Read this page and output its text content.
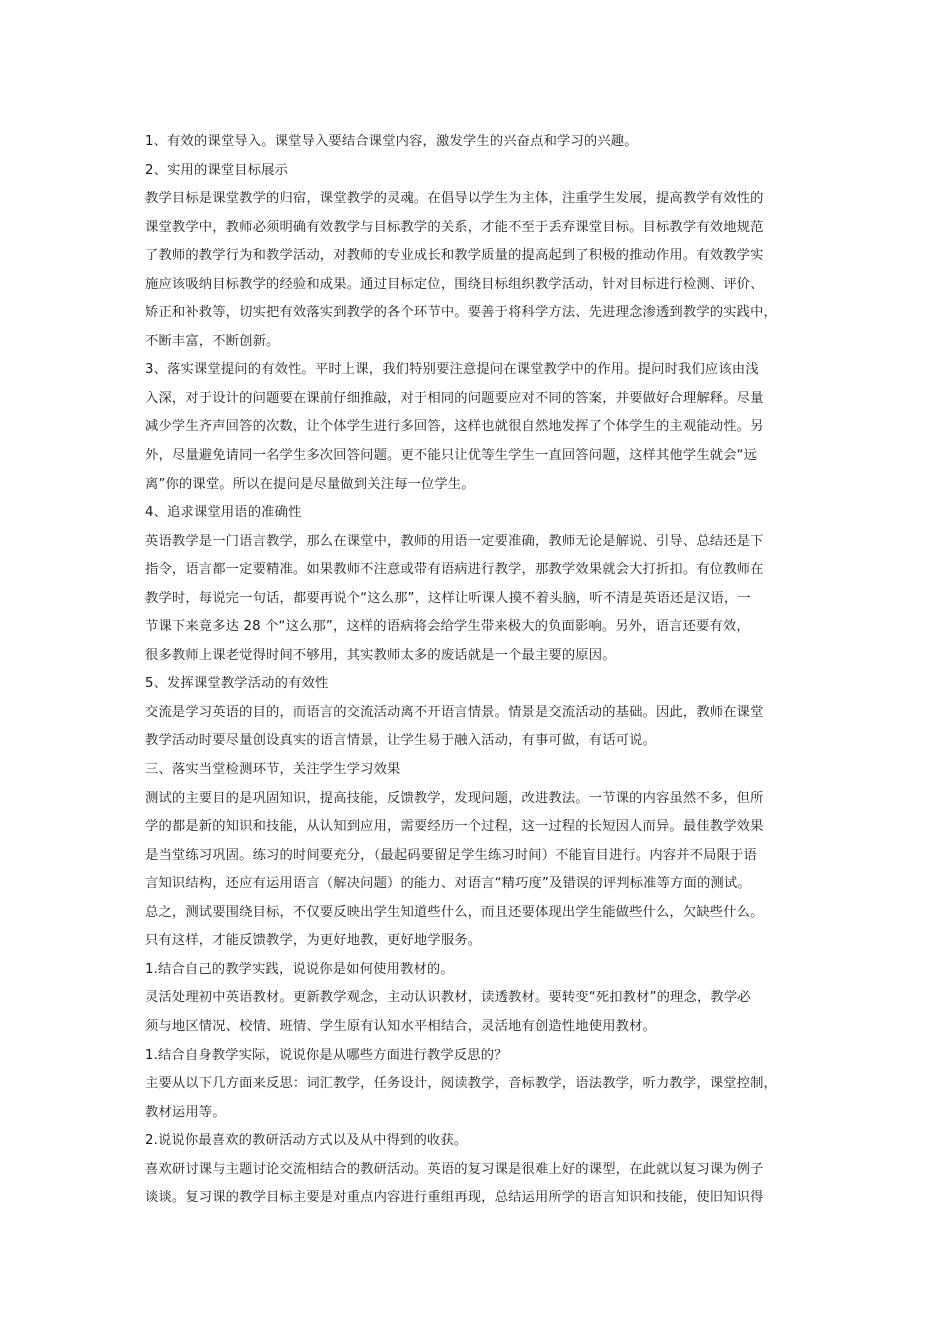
1、有效的课堂导入。课堂导入要结合课堂内容，激发学生的兴奋点和学习的兴趣。
2、实用的课堂目标展示
教学目标是课堂教学的归宿，课堂教学的灵魂。在倡导以学生为主体，注重学生发展，提高教学有效性的
课堂教学中，教师必须明确有效教学与目标教学的关系，才能不至于丢弃课堂目标。目标教学有效地规范
了教师的教学行为和教学活动，对教师的专业成长和教学质量的提高起到了积极的推动作用。有效教学实
施应该吸纳目标教学的经验和成果。通过目标定位，围绕目标组织教学活动，针对目标进行检测、评价、
矫正和补救等，切实把有效落实到教学的各个环节中。要善于将科学方法、先进理念渗透到教学的实践中，
不断丰富，不断创新。
3、落实课堂提问的有效性。平时上课，我们特别要注意提问在课堂教学中的作用。提问时我们应该由浅
入深，对于设计的问题要在课前仔细推敲，对于相同的问题要应对不同的答案，并要做好合理解释。尽量
减少学生齐声回答的次数，让个体学生进行多回答，这样也就很自然地发挥了个体学生的主观能动性。另
外，尽量避免请同一名学生多次回答问题。更不能只让优等生学生一直回答问题，这样其他学生就会“远
离”你的课堂。所以在提问是尽量做到关注每一位学生。
4、追求课堂用语的准确性
英语教学是一门语言教学，那么在课堂中，教师的用语一定要准确，教师无论是解说、引导、总结还是下
指令，语言都一定要精准。如果教师不注意或带有语病进行教学，那教学效果就会大打折扣。有位教师在
教学时，每说完一句话，都要再说个“这么那”，这样让听课人摸不着头脑，听不清是英语还是汉语，一
节课下来竟多达 28 个“这么那”，这样的语病将会给学生带来极大的负面影响。另外，语言还要有效，
很多教师上课老觉得时间不够用，其实教师太多的废话就是一个最主要的原因。
5、发挥课堂教学活动的有效性
交流是学习英语的目的，而语言的交流活动离不开语言情景。情景是交流活动的基础。因此，教师在课堂
教学活动时要尽量创设真实的语言情景，让学生易于融入活动，有事可做，有话可说。
三、落实当堂检测环节，关注学生学习效果
测试的主要目的是巩固知识，提高技能，反馈教学，发现问题，改进教法。一节课的内容虽然不多，但所
学的都是新的知识和技能，从认知到应用，需要经历一个过程，这一过程的长短因人而异。最佳教学效果
是当堂练习巩固。练习的时间要充分，（最起码要留足学生练习时间）不能盲目进行。内容并不局限于语
言知识结构，还应有运用语言（解决问题）的能力、对语言“精巧度”及错误的评判标准等方面的测试。
总之，测试要围绕目标，不仅要反映出学生知道些什么，而且还要体现出学生能做些什么，欠缺些什么。
只有这样，才能反馈教学，为更好地教，更好地学服务。
1.结合自己的教学实践，说说你是如何使用教材的。
灵活处理初中英语教材。更新教学观念，主动认识教材，读透教材。要转变“死扣教材”的理念，教学必
须与地区情况、校情、班情、学生原有认知水平相结合，灵活地有创造性地使用教材。
1.结合自身教学实际，说说你是从哪些方面进行教学反思的？
主要从以下几方面来反思：词汇教学，任务设计，阅读教学，音标教学，语法教学，听力教学，课堂控制，
教材运用等。
2.说说你最喜欢的教研活动方式以及从中得到的收获。
喜欢研讨课与主题讨论交流相结合的教研活动。英语的复习课是很难上好的课型，在此就以复习课为例子
谈谈。复习课的教学目标主要是对重点内容进行重组再现，总结运用所学的语言知识和技能，使旧知识得
